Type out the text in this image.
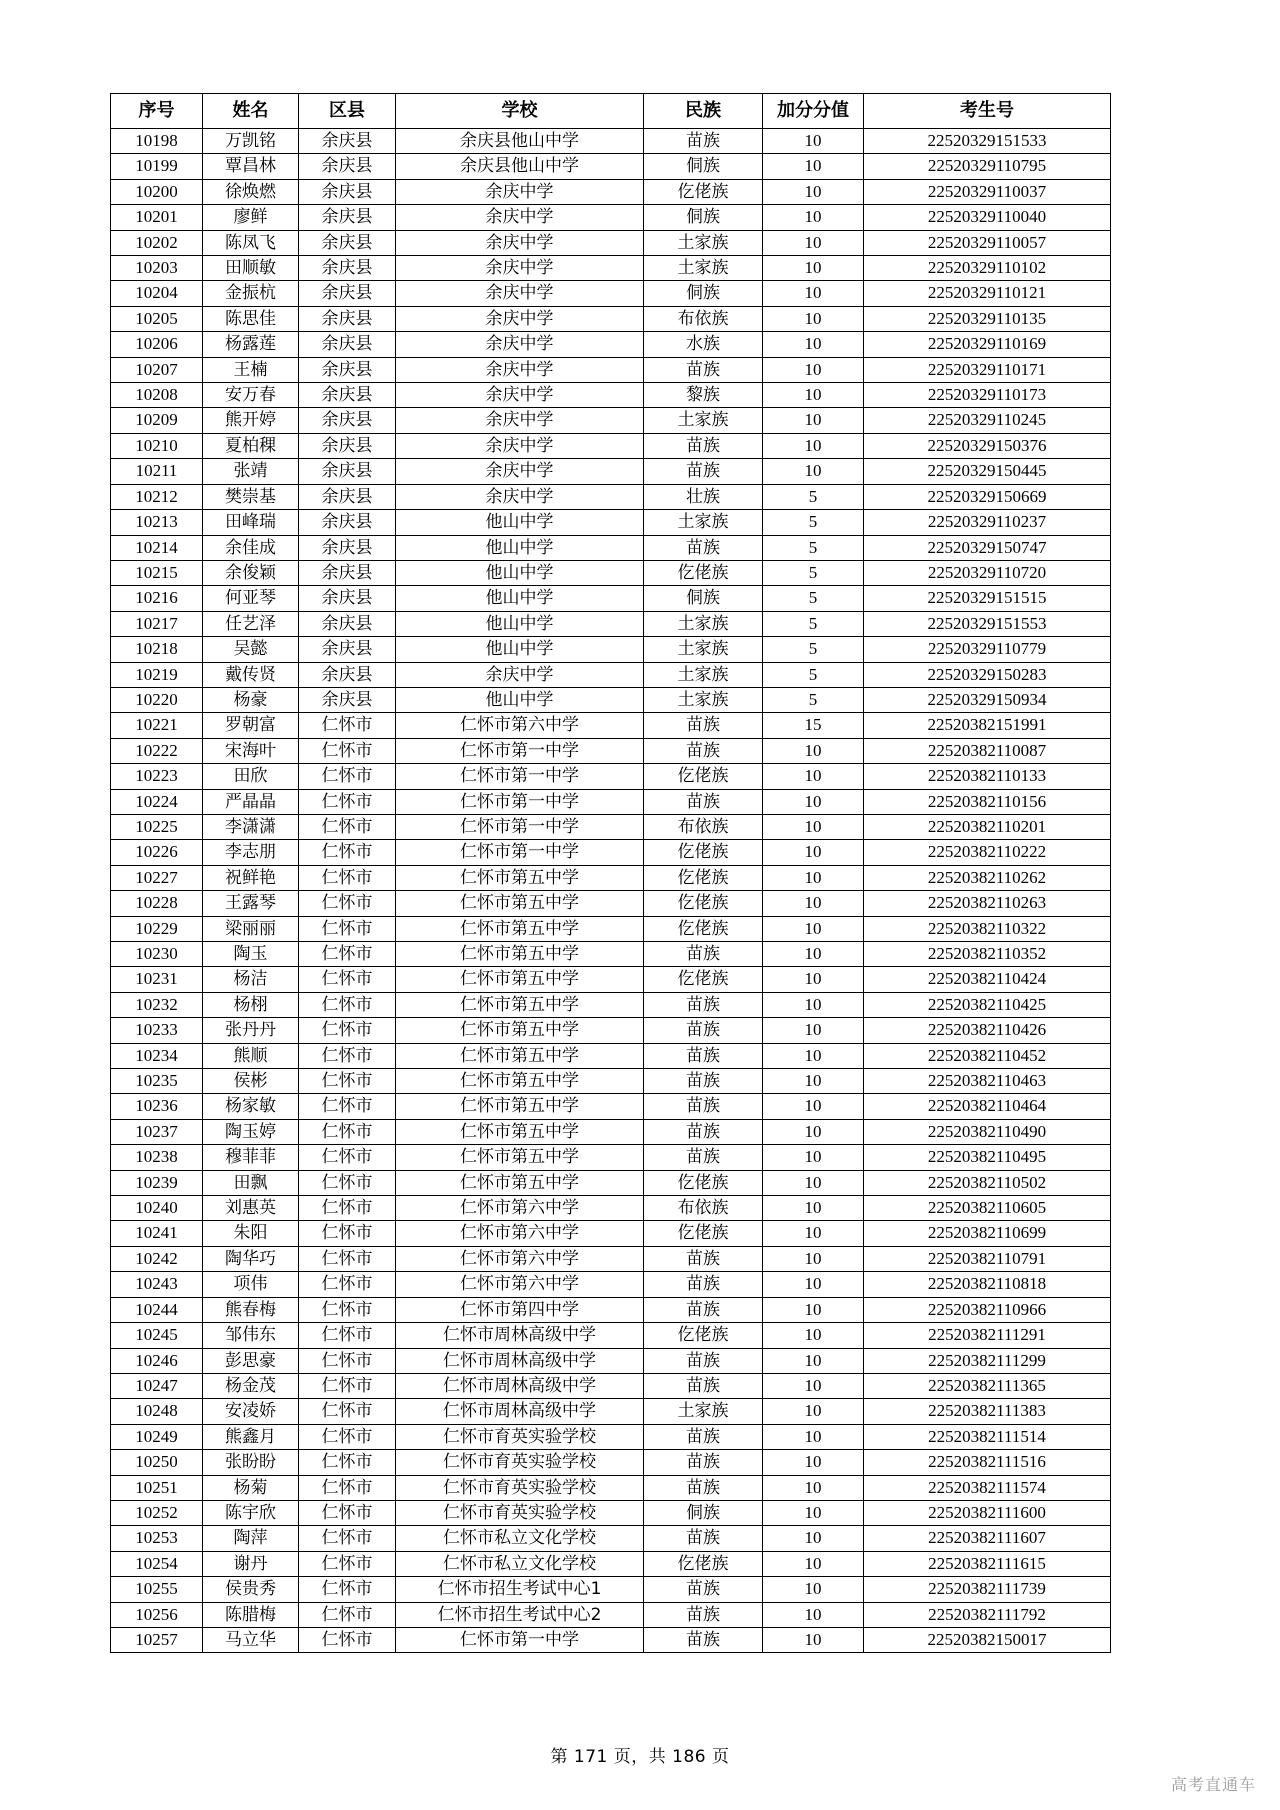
序号	姓名	区县	学校	民族	加分分值	考生号
10198	万凯铭	余庆县	余庆县他山中学	苗族	10	22520329151533
10199	覃昌林	余庆县	余庆县他山中学	侗族	10	22520329110795
10200	徐焕燃	余庆县	余庆中学	仡佬族	10	22520329110037
10201	廖鲜	余庆县	余庆中学	侗族	10	22520329110040
10202	陈凤飞	余庆县	余庆中学	土家族	10	22520329110057
10203	田顺敏	余庆县	余庆中学	土家族	10	22520329110102
10204	金振杭	余庆县	余庆中学	侗族	10	22520329110121
10205	陈思佳	余庆县	余庆中学	布依族	10	22520329110135
10206	杨露莲	余庆县	余庆中学	水族	10	22520329110169
10207	王楠	余庆县	余庆中学	苗族	10	22520329110171
10208	安万春	余庆县	余庆中学	黎族	10	22520329110173
10209	熊开婷	余庆县	余庆中学	土家族	10	22520329110245
10210	夏柏稞	余庆县	余庆中学	苗族	10	22520329150376
10211	张靖	余庆县	余庆中学	苗族	10	22520329150445
10212	樊崇基	余庆县	余庆中学	壮族	5	22520329150669
10213	田峰瑞	余庆县	他山中学	土家族	5	22520329110237
10214	余佳成	余庆县	他山中学	苗族	5	22520329150747
10215	余俊颖	余庆县	他山中学	仡佬族	5	22520329110720
10216	何亚琴	余庆县	他山中学	侗族	5	22520329151515
10217	任艺泽	余庆县	他山中学	土家族	5	22520329151553
10218	吴懿	余庆县	他山中学	土家族	5	22520329110779
10219	戴传贤	余庆县	余庆中学	土家族	5	22520329150283
10220	杨豪	余庆县	他山中学	土家族	5	22520329150934
10221	罗朝富	仁怀市	仁怀市第六中学	苗族	15	22520382151991
10222	宋海叶	仁怀市	仁怀市第一中学	苗族	10	22520382110087
10223	田欣	仁怀市	仁怀市第一中学	仡佬族	10	22520382110133
10224	严晶晶	仁怀市	仁怀市第一中学	苗族	10	22520382110156
10225	李潇潇	仁怀市	仁怀市第一中学	布依族	10	22520382110201
10226	李志朋	仁怀市	仁怀市第一中学	仡佬族	10	22520382110222
10227	祝鲜艳	仁怀市	仁怀市第五中学	仡佬族	10	22520382110262
10228	王露琴	仁怀市	仁怀市第五中学	仡佬族	10	22520382110263
10229	梁丽丽	仁怀市	仁怀市第五中学	仡佬族	10	22520382110322
10230	陶玉	仁怀市	仁怀市第五中学	苗族	10	22520382110352
10231	杨洁	仁怀市	仁怀市第五中学	仡佬族	10	22520382110424
10232	杨栩	仁怀市	仁怀市第五中学	苗族	10	22520382110425
10233	张丹丹	仁怀市	仁怀市第五中学	苗族	10	22520382110426
10234	熊顺	仁怀市	仁怀市第五中学	苗族	10	22520382110452
10235	侯彬	仁怀市	仁怀市第五中学	苗族	10	22520382110463
10236	杨家敏	仁怀市	仁怀市第五中学	苗族	10	22520382110464
10237	陶玉婷	仁怀市	仁怀市第五中学	苗族	10	22520382110490
10238	穆菲菲	仁怀市	仁怀市第五中学	苗族	10	22520382110495
10239	田飘	仁怀市	仁怀市第五中学	仡佬族	10	22520382110502
10240	刘惠英	仁怀市	仁怀市第六中学	布依族	10	22520382110605
10241	朱阳	仁怀市	仁怀市第六中学	仡佬族	10	22520382110699
10242	陶华巧	仁怀市	仁怀市第六中学	苗族	10	22520382110791
10243	项伟	仁怀市	仁怀市第六中学	苗族	10	22520382110818
10244	熊春梅	仁怀市	仁怀市第四中学	苗族	10	22520382110966
10245	邹伟东	仁怀市	仁怀市周林高级中学	仡佬族	10	22520382111291
10246	彭思豪	仁怀市	仁怀市周林高级中学	苗族	10	22520382111299
10247	杨金茂	仁怀市	仁怀市周林高级中学	苗族	10	22520382111365
10248	安凌娇	仁怀市	仁怀市周林高级中学	土家族	10	22520382111383
10249	熊鑫月	仁怀市	仁怀市育英实验学校	苗族	10	22520382111514
10250	张盼盼	仁怀市	仁怀市育英实验学校	苗族	10	22520382111516
10251	杨菊	仁怀市	仁怀市育英实验学校	苗族	10	22520382111574
10252	陈宇欣	仁怀市	仁怀市育英实验学校	侗族	10	22520382111600
10253	陶萍	仁怀市	仁怀市私立文化学校	苗族	10	22520382111607
10254	谢丹	仁怀市	仁怀市私立文化学校	仡佬族	10	22520382111615
10255	侯贵秀	仁怀市	仁怀市招生考试中心1	苗族	10	22520382111739
10256	陈腊梅	仁怀市	仁怀市招生考试中心2	苗族	10	22520382111792
10257	马立华	仁怀市	仁怀市第一中学	苗族	10	22520382150017
第 171 页，共 186 页
高考直通车
